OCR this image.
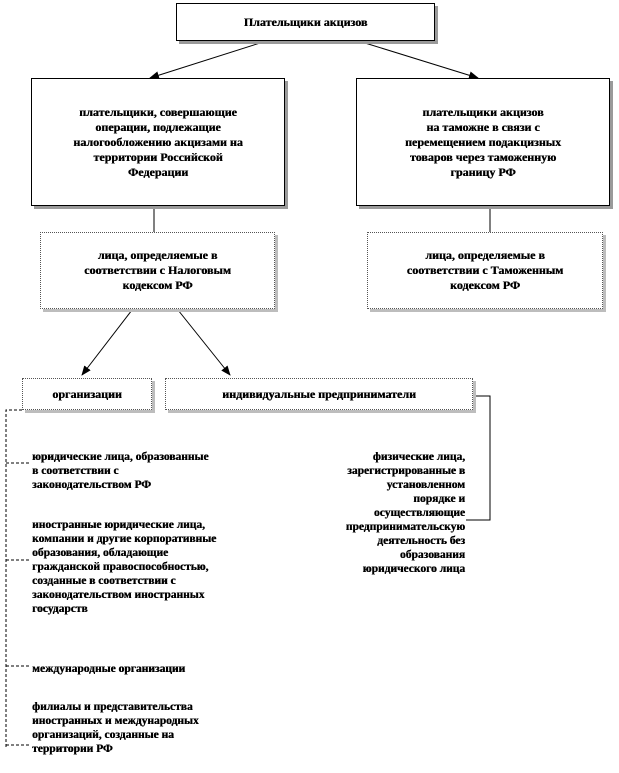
Плательщики акцизов
плательщики, совершающие
операции, подлежащие
налогообложению акцизами на
территории Российской
Федерации
плательщики акцизов
на таможне в связи с
перемещением подакцизных
товаров через таможенную
границу РФ
лица, определяемые в
соответствии с Налоговым
кодексом РФ
лица, определяемые в
соответствии с Таможенным
кодексом РФ
организации	индивидуальные предприниматели
юридические лица, образованные
в соответствии с
законодательством РФ
иностранные юридические лица,
компании и другие корпоративные
образования, обладающие
гражданской правоспособностью,
созданные в соответствии с
законодательством иностранных
государств
международные организации
филиалы и представительства
иностранных и международных
организаций, созданные на
территории РФ
физические лица,
зарегистрированные в
установленном
порядке и
осуществляющие
предпринимательскую
деятельность без
образования
юридического лица
